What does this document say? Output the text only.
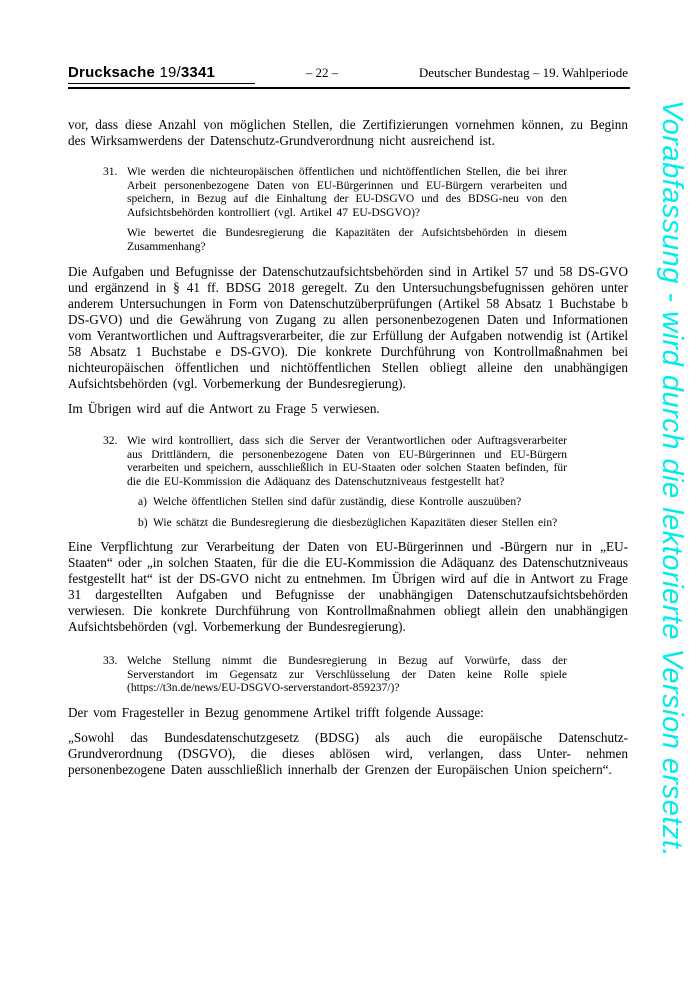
Vorabfassung - wird durch die lektorierte Version ersetzt.
Drucksache 19/3341	– 22 –	Deutscher Bundestag – 19. Wahlperiode
vor, dass diese Anzahl von möglichen Stellen, die Zertifizierungen vornehmen können, zu Beginn des Wirksamwerdens der Datenschutz-Grundverordnung nicht ausreichend ist.
31. Wie werden die nichteuropäischen öffentlichen und nichtöffentlichen Stellen, die bei ihrer Arbeit personenbezogene Daten von EU-Bürgerinnen und EU-Bürgern verarbeiten und speichern, in Bezug auf die Einhaltung der EU-DSGVO und des BDSG-neu von den Aufsichtsbehörden kontrolliert (vgl. Artikel 47 EU-DSGVO)?
Wie bewertet die Bundesregierung die Kapazitäten der Aufsichtsbehörden in diesem Zusammenhang?
Die Aufgaben und Befugnisse der Datenschutzaufsichtsbehörden sind in Artikel 57 und 58 DS-GVO und ergänzend in § 41 ff. BDSG 2018 geregelt. Zu den Untersuchungsbefugnissen gehören unter anderem Untersuchungen in Form von Datenschutzüberprüfungen (Artikel 58 Absatz 1 Buchstabe b DS-GVO) und die Gewährung von Zugang zu allen personenbezogenen Daten und Informationen vom Verantwortlichen und Auftragsverarbeiter, die zur Erfüllung der Aufgaben notwendig ist (Artikel 58 Absatz 1 Buchstabe e DS-GVO). Die konkrete Durchführung von Kontrollmaßnahmen bei nichteuropäischen öffentlichen und nichtöffentlichen Stellen obliegt alleine den unabhängigen Aufsichtsbehörden (vgl. Vorbemerkung der Bundesregierung).
Im Übrigen wird auf die Antwort zu Frage 5 verwiesen.
32. Wie wird kontrolliert, dass sich die Server der Verantwortlichen oder Auftragsverarbeiter aus Drittländern, die personenbezogene Daten von EU-Bürgerinnen und EU-Bürgern verarbeiten und speichern, ausschließlich in EU-Staaten oder solchen Staaten befinden, für die die EU-Kommission die Adäquanz des Datenschutzniveaus festgestellt hat?
a) Welche öffentlichen Stellen sind dafür zuständig, diese Kontrolle auszuüben?
b) Wie schätzt die Bundesregierung die diesbezüglichen Kapazitäten dieser Stellen ein?
Eine Verpflichtung zur Verarbeitung der Daten von EU-Bürgerinnen und -Bürgern nur in „EU-Staaten“ oder „in solchen Staaten, für die die EU-Kommission die Adäquanz des Datenschutzniveaus festgestellt hat“ ist der DS-GVO nicht zu entnehmen. Im Übrigen wird auf die in Antwort zu Frage 31 dargestellten Aufgaben und Befugnisse der unabhängigen Datenschutzaufsichtsbehörden verwiesen. Die konkrete Durchführung von Kontrollmaßnahmen obliegt allein den unabhängigen Aufsichtsbehörden (vgl. Vorbemerkung der Bundesregierung).
33. Welche Stellung nimmt die Bundesregierung in Bezug auf Vorwürfe, dass der Serverstandort im Gegensatz zur Verschlüsselung der Daten keine Rolle spiele (https://t3n.de/news/EU-DSGVO-serverstandort-859237/)?
Der vom Fragesteller in Bezug genommene Artikel trifft folgende Aussage:
„Sowohl das Bundesdatenschutzgesetz (BDSG) als auch die europäische Datenschutz-Grundverordnung (DSGVO), die dieses ablösen wird, verlangen, dass Unter- nehmen personenbezogene Daten ausschließlich innerhalb der Grenzen der Europäischen Union speichern“.
